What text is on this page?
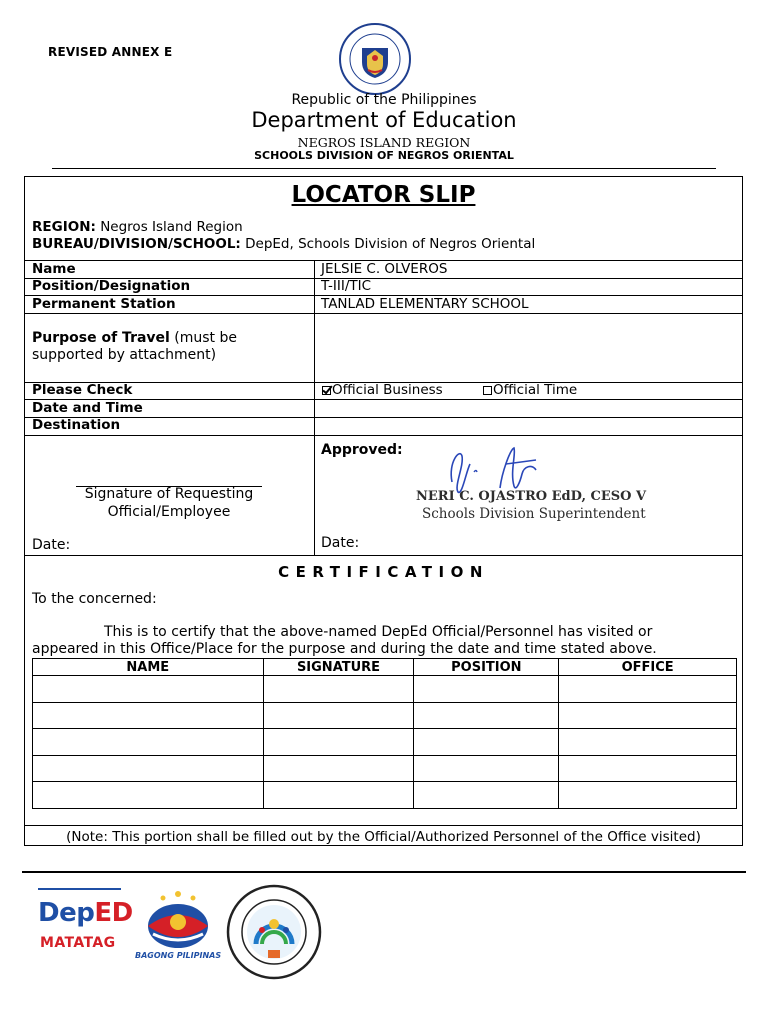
REVISED ANNEX E
Republic of the Philippines
Department of Education
NEGROS ISLAND REGION
SCHOOLS DIVISION OF NEGROS ORIENTAL
LOCATOR SLIP
REGION: Negros Island Region
BUREAU/DIVISION/SCHOOL: DepEd, Schools Division of Negros Oriental
Name	JELSIE C. OLVEROS
Position/Designation	T-III/TIC
Permanent Station	TANLAD ELEMENTARY SCHOOL
Purpose of Travel (must be
supported by attachment)
Please Check	Official Business	Official Time
Date and Time
Destination
Signature of Requesting
Official/Employee
Date:
Approved:
NERI C. OJASTRO EdD, CESO V
Schools Division Superintendent
Date:
CERTIFICATION
To the concerned:
This is to certify that the above-named DepEd Official/Personnel has visited or
appeared in this Office/Place for the purpose and during the date and time stated above.
NAME	SIGNATURE	POSITION	OFFICE

(Note: This portion shall be filled out by the Official/Authorized Personnel of the Office visited)
DepED
MATATAG
BAGONG PILIPINAS
